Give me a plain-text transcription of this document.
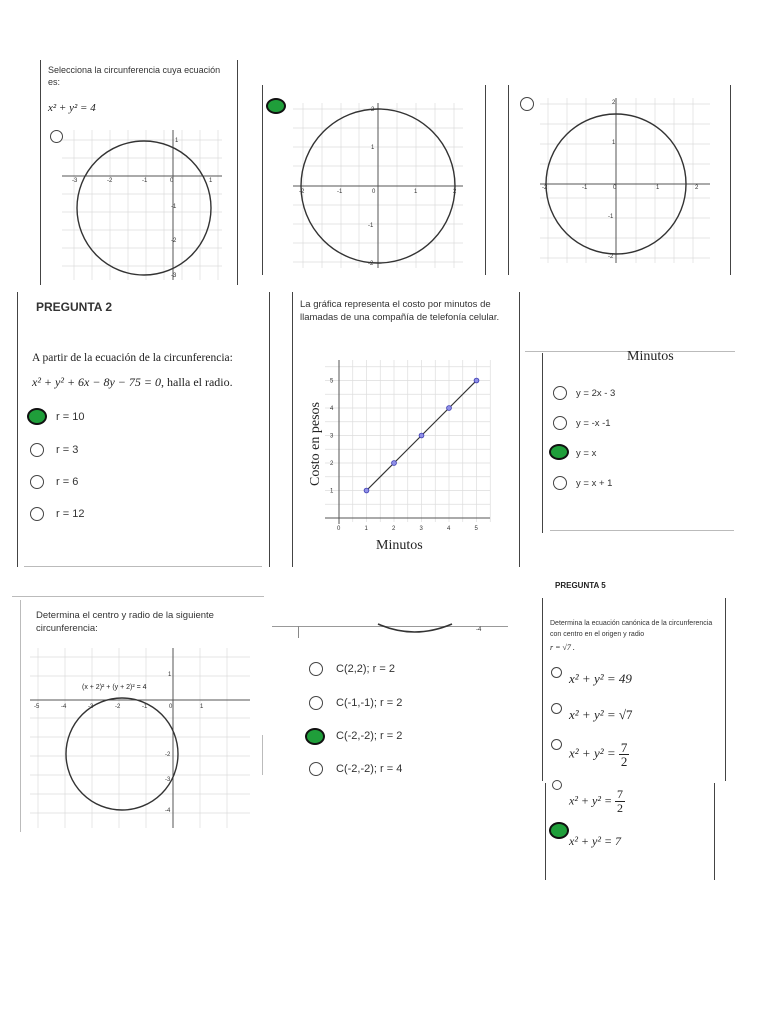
Selecciona la circunferencia cuya ecuación es:
x² + y² = 4
-3	-2	-1	0	1
1
-1
-2
-3
-2	-1	0	1	2
2
1
-1
-2
-2	-1	0	1	2
2
1
-1
-2
PREGUNTA 2
A partir de la ecuación de la circunferencia:
x² + y² + 6x − 8y − 75 = 0, halla el radio.
r = 10
r = 3
r = 6
r = 12
La gráfica representa el costo por minutos de llamadas de una compañía de telefonía celular.
Costo en pesos
0	1	2	3	4	5
1
2
3
4
5
Minutos
Minutos
y = 2x - 3
y = -x -1
y = x
y = x + 1
Determina el centro y radio de la siguiente circunferencia:
(x + 2)² + (y + 2)² = 4
-5	-4	-3	-2	-1	0	1
1
-2
-3
-4
-4
C(2,2); r = 2
C(-1,-1); r = 2
C(-2,-2); r = 2
C(-2,-2); r = 4
PREGUNTA 5
Determina la ecuación canónica de la circunferencia con centro en el origen y radio
r = √7 .
x² + y² = 49
x² + y² = √7
$x^2 + y^2 = \frac{7}{2}$
$x^2 + y^2 = \frac{7}{2}$
x² + y² = 7
